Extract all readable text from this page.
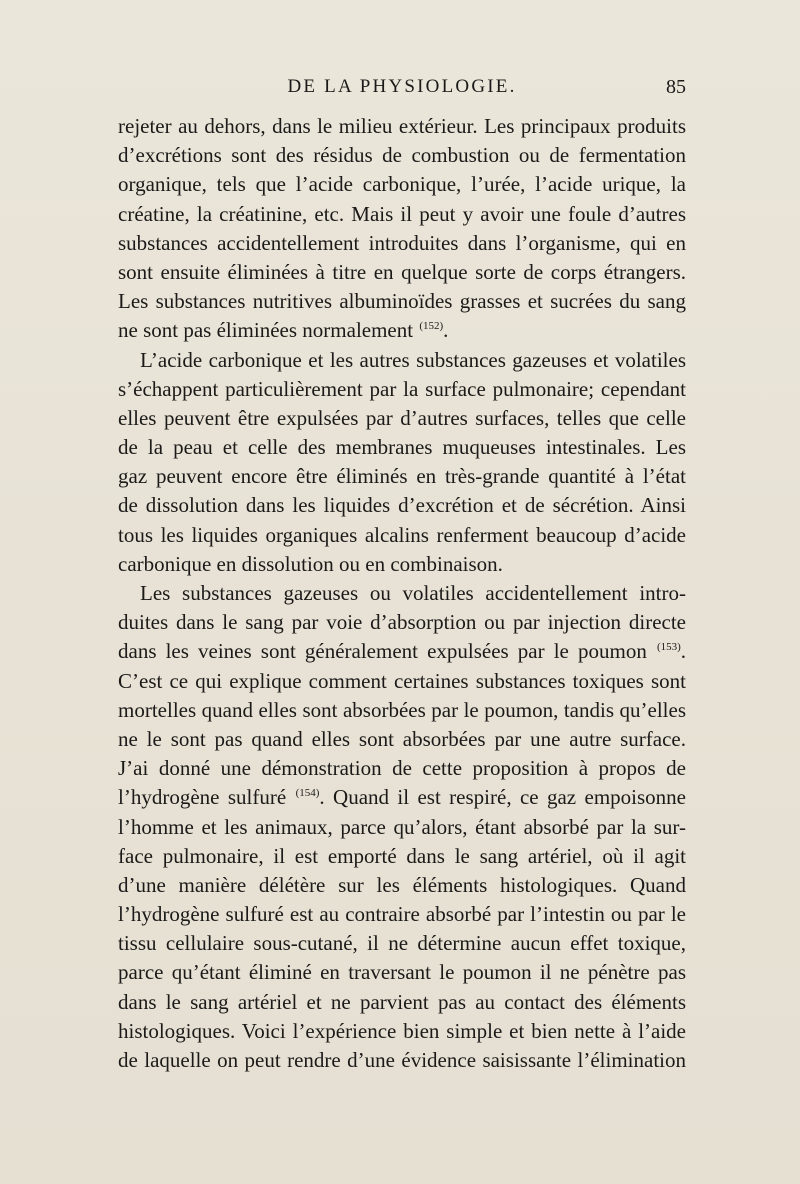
DE LA PHYSIOLOGIE.	85
rejeter au dehors, dans le milieu extérieur. Les principaux produits
d’excrétions sont des résidus de combustion ou de fermentation
organique, tels que l’acide carbonique, l’urée, l’acide urique, la
créatine, la créatinine, etc. Mais il peut y avoir une foule d’autres
substances accidentellement introduites dans l’organisme, qui en
sont ensuite éliminées à titre en quelque sorte de corps étrangers.
Les substances nutritives albuminoïdes grasses et sucrées du sang
ne sont pas éliminées normalement $^{(152)}$.
L’acide carbonique et les autres substances gazeuses et volatiles
s’échappent particulièrement par la surface pulmonaire; cependant
elles peuvent être expulsées par d’autres surfaces, telles que celle
de la peau et celle des membranes muqueuses intestinales. Les
gaz peuvent encore être éliminés en très-grande quantité à l’état
de dissolution dans les liquides d’excrétion et de sécrétion. Ainsi
tous les liquides organiques alcalins renferment beaucoup d’acide
carbonique en dissolution ou en combinaison.
Les substances gazeuses ou volatiles accidentellement intro-
duites dans le sang par voie d’absorption ou par injection directe
dans les veines sont généralement expulsées par le poumon $^{(153)}$.
C’est ce qui explique comment certaines substances toxiques sont
mortelles quand elles sont absorbées par le poumon, tandis qu’elles
ne le sont pas quand elles sont absorbées par une autre surface.
J’ai donné une démonstration de cette proposition à propos de
l’hydrogène sulfuré $^{(154)}$. Quand il est respiré, ce gaz empoisonne
l’homme et les animaux, parce qu’alors, étant absorbé par la sur-
face pulmonaire, il est emporté dans le sang artériel, où il agit
d’une manière délétère sur les éléments histologiques. Quand
l’hydrogène sulfuré est au contraire absorbé par l’intestin ou par le
tissu cellulaire sous-cutané, il ne détermine aucun effet toxique,
parce qu’étant éliminé en traversant le poumon il ne pénètre pas
dans le sang artériel et ne parvient pas au contact des éléments
histologiques. Voici l’expérience bien simple et bien nette à l’aide
de laquelle on peut rendre d’une évidence saisissante l’élimination
